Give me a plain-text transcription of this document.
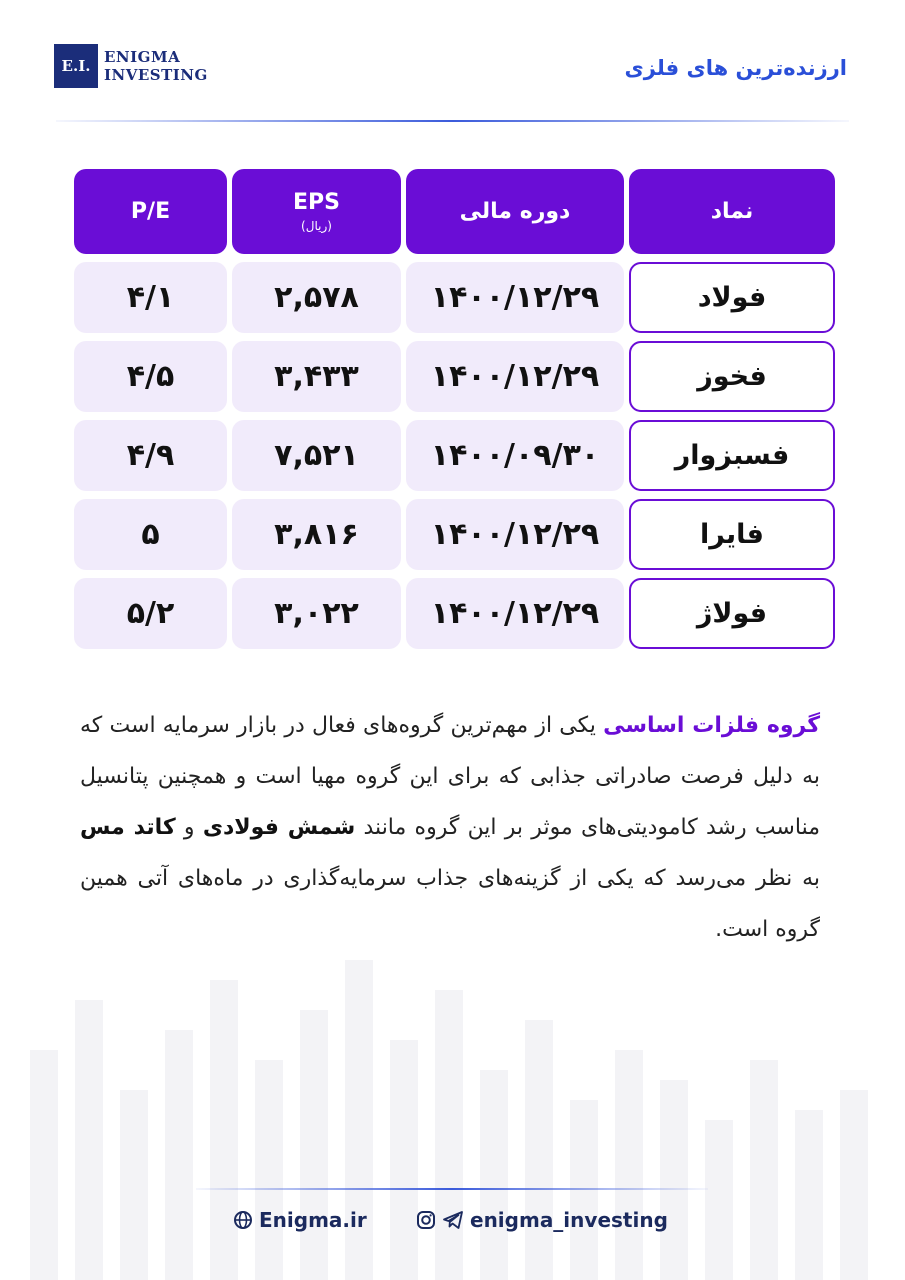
E.I. ENIGMA
INVESTING	ارزنده‌ترین های فلزی
نماد
دوره مالی
EPS
(ریال)
P/E
فولاد
۱۴۰۰/۱۲/۲۹
۲,۵۷۸
۴/۱
فخوز
۱۴۰۰/۱۲/۲۹
۳,۴۳۳
۴/۵
فسبزوار
۱۴۰۰/۰۹/۳۰
۷,۵۲۱
۴/۹
فایرا
۱۴۰۰/۱۲/۲۹
۳,۸۱۶
۵
فولاژ
۱۴۰۰/۱۲/۲۹
۳,۰۲۲
۵/۲
گروه فلزات اساسی یکی از مهم‌ترین گروه‌های فعال در بازار سرمایه است که به دلیل فرصت صادراتی جذابی که برای این گروه مهیا است و همچنین پتانسیل مناسب رشد کامودیتی‌های موثر بر این گروه مانند شمش فولادی و کاتد مس به نظر می‌رسد که یکی از گزینه‌های جذاب سرمایه‌گذاری در ماه‌های آتی همین گروه است.
Enigma.ir	enigma_investing
